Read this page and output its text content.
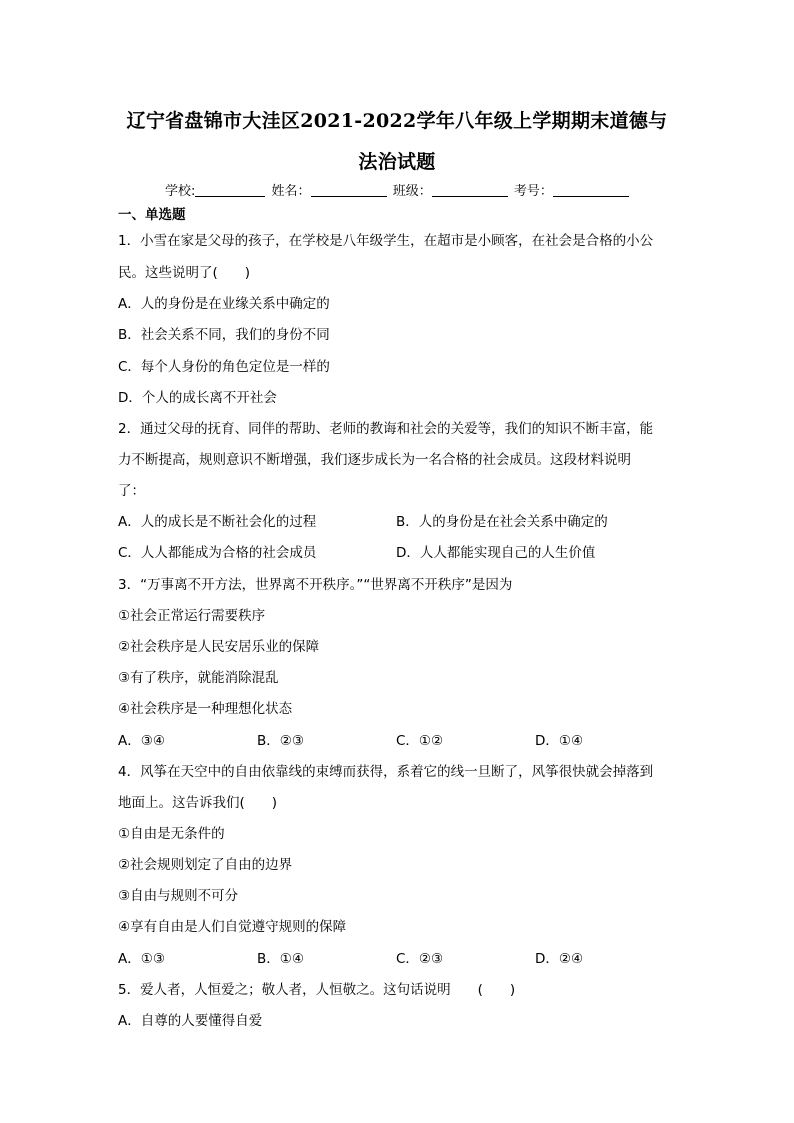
辽宁省盘锦市大洼区2021-2022学年八年级上学期期末道德与
法治试题
学校:	姓名：	班级：	考号：
一、单选题
1．小雪在家是父母的孩子，在学校是八年级学生，在超市是小顾客，在社会是合格的小公
民。这些说明了(　　)
A．人的身份是在业缘关系中确定的
B．社会关系不同，我们的身份不同
C．每个人身份的角色定位是一样的
D．个人的成长离不开社会
2．通过父母的抚育、同伴的帮助、老师的教诲和社会的关爱等，我们的知识不断丰富，能
力不断提高，规则意识不断增强，我们逐步成长为一名合格的社会成员。这段材料说明
了：
A．人的成长是不断社会化的过程	B．人的身份是在社会关系中确定的
C．人人都能成为合格的社会成员	D．人人都能实现自己的人生价值
3．“万事离不开方法，世界离不开秩序。”“世界离不开秩序”是因为
①社会正常运行需要秩序
②社会秩序是人民安居乐业的保障
③有了秩序，就能消除混乱
④社会秩序是一种理想化状态
A．③④	B．②③	C．①②	D．①④
4．风筝在天空中的自由依靠线的束缚而获得，系着它的线一旦断了，风筝很快就会掉落到
地面上。这告诉我们(　　)
①自由是无条件的
②社会规则划定了自由的边界
③自由与规则不可分
④享有自由是人们自觉遵守规则的保障
A．①③	B．①④	C．②③	D．②④
5．爱人者，人恒爱之；敬人者，人恒敬之。这句话说明　　(　　)
A．自尊的人要懂得自爱
